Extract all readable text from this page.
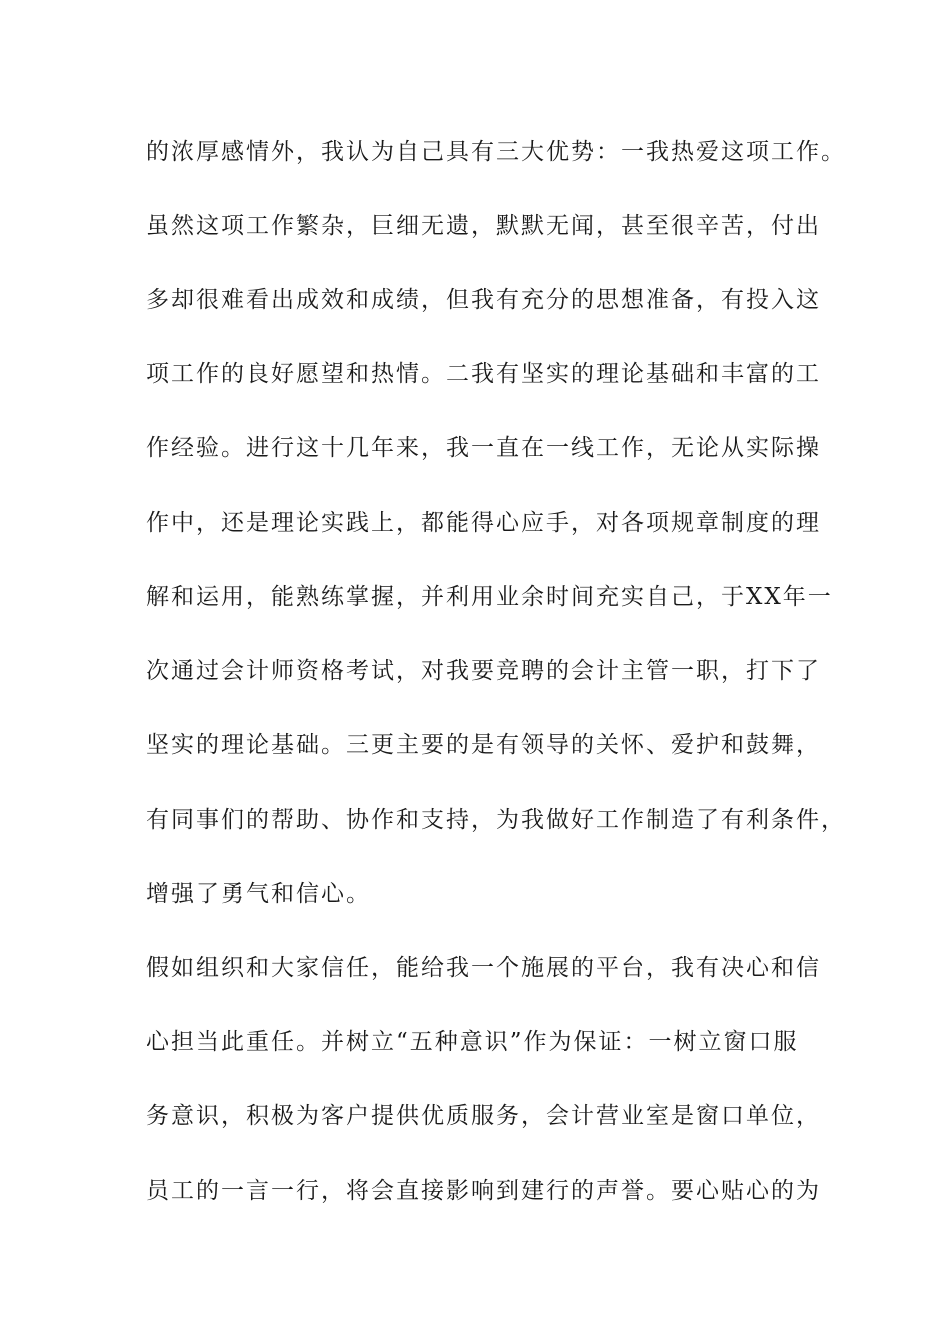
的浓厚感情外，我认为自己具有三大优势：一我热爱这项工作。

虽然这项工作繁杂，巨细无遗，默默无闻，甚至很辛苦，付出

多却很难看出成效和成绩，但我有充分的思想准备，有投入这

项工作的良好愿望和热情。二我有坚实的理论基础和丰富的工

作经验。进行这十几年来，我一直在一线工作，无论从实际操

作中，还是理论实践上，都能得心应手，对各项规章制度的理

解和运用，能熟练掌握，并利用业余时间充实自己，于XX年一

次通过会计师资格考试，对我要竞聘的会计主管一职，打下了

坚实的理论基础。三更主要的是有领导的关怀、爱护和鼓舞，

有同事们的帮助、协作和支持，为我做好工作制造了有利条件，

增强了勇气和信心。

假如组织和大家信任，能给我一个施展的平台，我有决心和信

心担当此重任。并树立“五种意识”作为保证：一树立窗口服

务意识，积极为客户提供优质服务，会计营业室是窗口单位，

员工的一言一行，将会直接影响到建行的声誉。要心贴心的为
